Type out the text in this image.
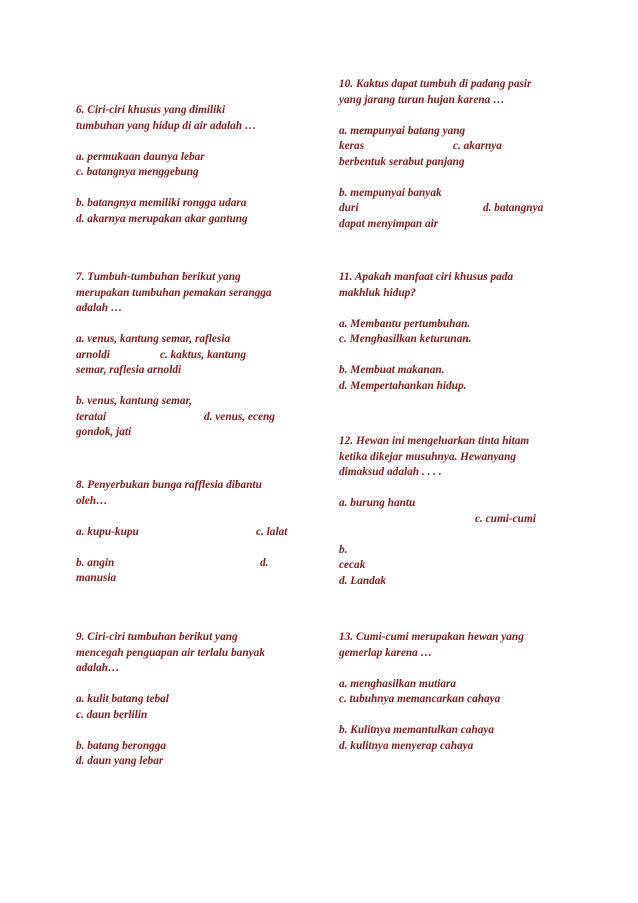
6. Ciri-ciri khusus yang dimiliki
tumbuhan yang hidup di air adalah …
a. permukaan daunya lebar
c. batangnya menggebung
b. batangnya memiliki rongga udara
d. akarnya merupakan akar gantung
7. Tumbuh-tumbuhan berikut yang
merupakan tumbuhan pemakan serangga
adalah …
a. venus, kantung semar, raflesia
arnoldi	c. kaktus, kantung
semar, raflesia arnoldi
b. venus, kantung semar,
teratai	d. venus, eceng
gondok, jati
8. Penyerbukan bunga rafflesia dibantu
oleh…
a. kupu-kupu	c. lalat
b. angin	d.
manusia
9. Ciri-ciri tumbuhan berikut yang
mencegah penguapan air terlalu banyak
adalah…
a. kulit batang tebal
c. daun berlilin
b. batang berongga
d. daun yang lebar
10. Kaktus dapat tumbuh di padang pasir
yang jarang turun hujan karena …
a. mempunyai batang yang
keras	c. akarnya
berbentuk serabut panjang
b. mempunyai banyak
duri	d. batangnya
dapat menyimpan air
11. Apakah manfaat ciri khusus pada
makhluk hidup?
a. Membantu pertumbuhan.
c. Menghasilkan keturunan.
b. Membuat makanan.
d. Mempertahankan hidup.
12. Hewan ini mengeluarkan tinta hitam
ketika dikejar musuhnya. Hewanyang
dimaksud adalah . . . .
a. burung hantu
c. cumi-cumi
b.
cecak
d. Landak
13. Cumi-cumi merupakan hewan yang
gemerlap karena …
a. menghasilkan mutiara
c. tubuhnya memancarkan cahaya
b. Kulitnya memantulkan cahaya
d. kulitnya menyerap cahaya
